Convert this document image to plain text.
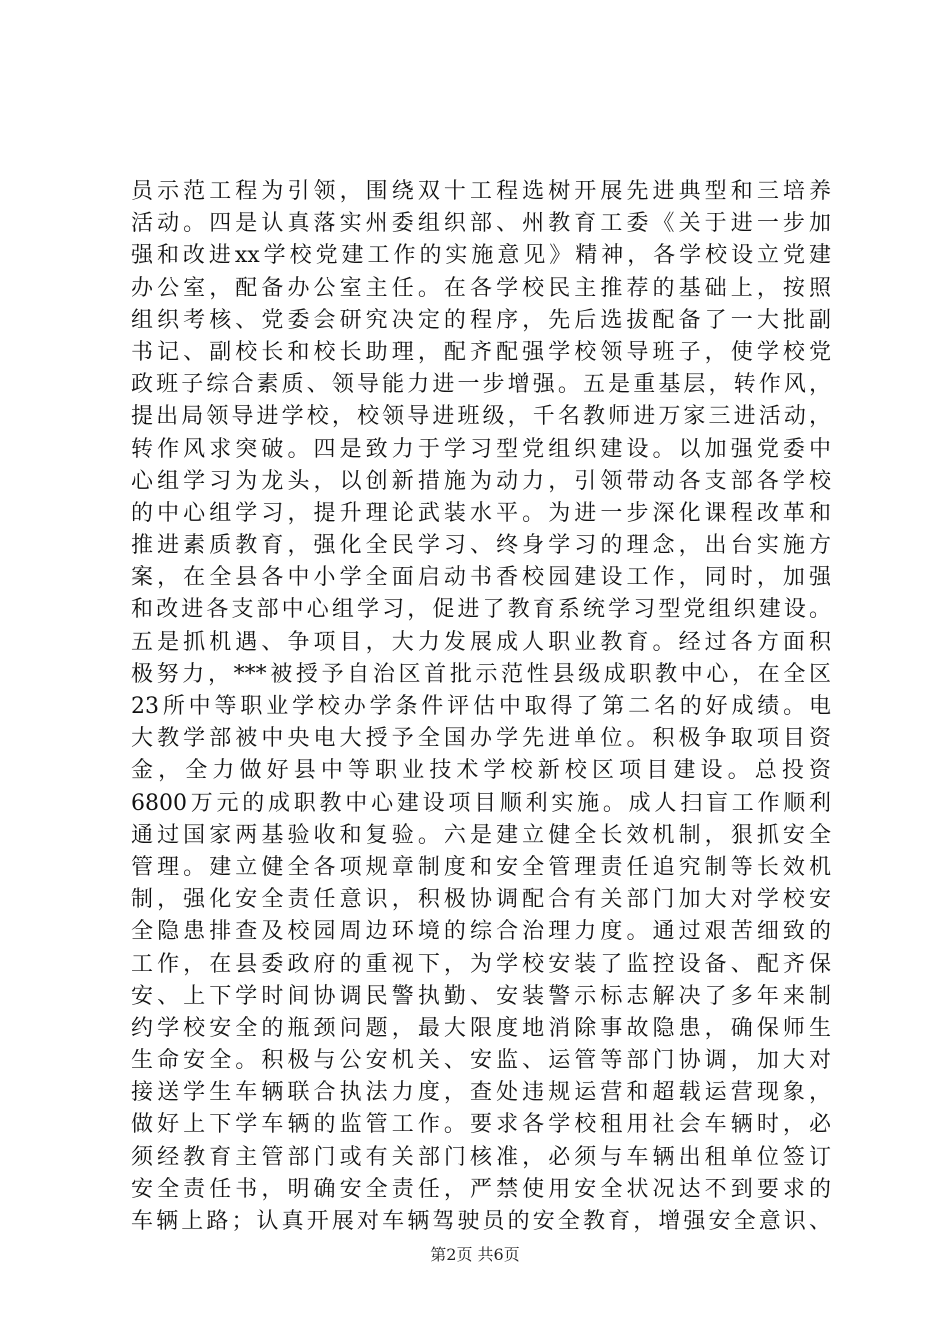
员示范工程为引领，围绕双十工程选树开展先进典型和三培养
活动。四是认真落实州委组织部、州教育工委《关于进一步加
强和改进xx学校党建工作的实施意见》精神，各学校设立党建
办公室，配备办公室主任。在各学校民主推荐的基础上，按照
组织考核、党委会研究决定的程序，先后选拔配备了一大批副
书记、副校长和校长助理，配齐配强学校领导班子，使学校党
政班子综合素质、领导能力进一步增强。五是重基层，转作风，
提出局领导进学校，校领导进班级，千名教师进万家三进活动，
转作风求突破。四是致力于学习型党组织建设。以加强党委中
心组学习为龙头，以创新措施为动力，引领带动各支部各学校
的中心组学习，提升理论武装水平。为进一步深化课程改革和
推进素质教育，强化全民学习、终身学习的理念，出台实施方
案，在全县各中小学全面启动书香校园建设工作，同时，加强
和改进各支部中心组学习，促进了教育系统学习型党组织建设。
五是抓机遇、争项目，大力发展成人职业教育。经过各方面积
极努力，***被授予自治区首批示范性县级成职教中心，在全区
23所中等职业学校办学条件评估中取得了第二名的好成绩。电
大教学部被中央电大授予全国办学先进单位。积极争取项目资
金，全力做好县中等职业技术学校新校区项目建设。总投资
6800万元的成职教中心建设项目顺利实施。成人扫盲工作顺利
通过国家两基验收和复验。六是建立健全长效机制，狠抓安全
管理。建立健全各项规章制度和安全管理责任追究制等长效机
制，强化安全责任意识，积极协调配合有关部门加大对学校安
全隐患排查及校园周边环境的综合治理力度。通过艰苦细致的
工作，在县委政府的重视下，为学校安装了监控设备、配齐保
安、上下学时间协调民警执勤、安装警示标志解决了多年来制
约学校安全的瓶颈问题，最大限度地消除事故隐患，确保师生
生命安全。积极与公安机关、安监、运管等部门协调，加大对
接送学生车辆联合执法力度，查处违规运营和超载运营现象，
做好上下学车辆的监管工作。要求各学校租用社会车辆时，必
须经教育主管部门或有关部门核准，必须与车辆出租单位签订
安全责任书，明确安全责任，严禁使用安全状况达不到要求的
车辆上路；认真开展对车辆驾驶员的安全教育，增强安全意识、
第2页 共6页
